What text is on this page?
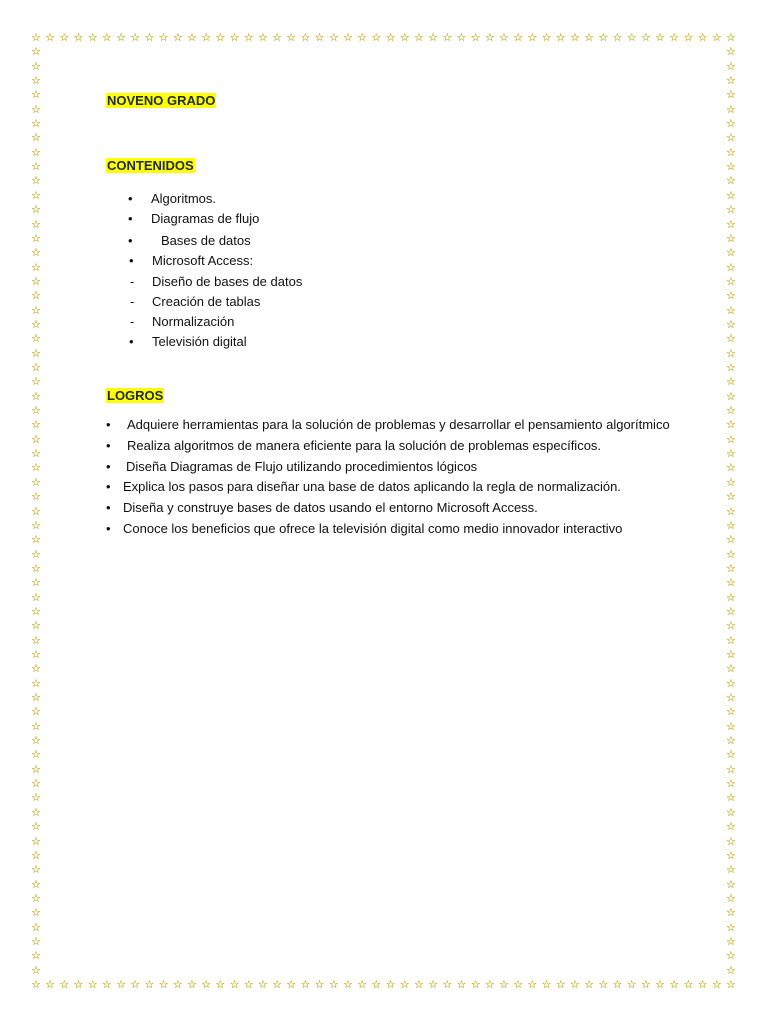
☆
☆
☆
☆
☆
☆
☆
☆
☆
☆
☆
☆
☆
☆
☆
☆
☆
☆
☆
☆
☆
☆
☆
☆
☆
☆
☆
☆
☆
☆
☆
☆
☆
☆
☆
☆
☆
☆
☆
☆
☆
☆
☆
☆
☆
☆
☆
☆
☆
☆
☆
☆
☆
☆
☆
☆
☆
☆
☆
☆
☆
☆
☆
☆
☆
☆
☆
☆
☆
☆
☆
☆
☆
☆
☆
☆
☆
☆
☆
☆
☆
☆
☆
☆
☆
☆
☆
☆
☆
☆
☆
☆
☆
☆
☆
☆
☆
☆
☆
☆
☆
☆
☆
☆
☆
☆
☆
☆
☆
☆
☆
☆
☆
☆
☆
☆
☆
☆
☆
☆
☆
☆
☆
☆
☆
☆
☆
☆
☆
☆
☆
☆
☆
☆
☆
☆
☆
☆
☆
☆
☆
☆
☆
☆
☆
☆
☆
☆
☆
☆
☆
☆
☆
☆
☆
☆
☆
☆
☆
☆
☆
☆
☆
☆
☆
☆
☆
☆
☆
☆
☆
☆
☆
☆
☆
☆
☆
☆
☆
☆
☆
☆
☆
☆
☆
☆
☆
☆
☆
☆
☆
☆
☆
☆
☆
☆
☆
☆
☆
☆
☆
☆
☆
☆
☆
☆
☆
☆
☆
☆
☆
☆
☆
☆
☆
☆
☆
☆
☆
☆
☆
☆
☆
☆
☆
☆
☆
☆
☆
☆
NOVENO GRADO
CONTENIDOS
• Algoritmos.
• Diagramas de flujo
• Bases de datos
• Microsoft Access:
- Diseño de bases de datos
- Creación de tablas
- Normalización
• Televisión digital
LOGROS
• Adquiere herramientas para la solución de problemas y desarrollar el pensamiento algorítmico
• Realiza algoritmos de manera eficiente para la solución de problemas específicos.
• Diseña Diagramas de Flujo utilizando procedimientos lógicos
• Explica los pasos para diseñar una base de datos aplicando la regla de normalización.
• Diseña y construye bases de datos usando el entorno Microsoft Access.
• Conoce los beneficios que ofrece la televisión digital como medio innovador interactivo
